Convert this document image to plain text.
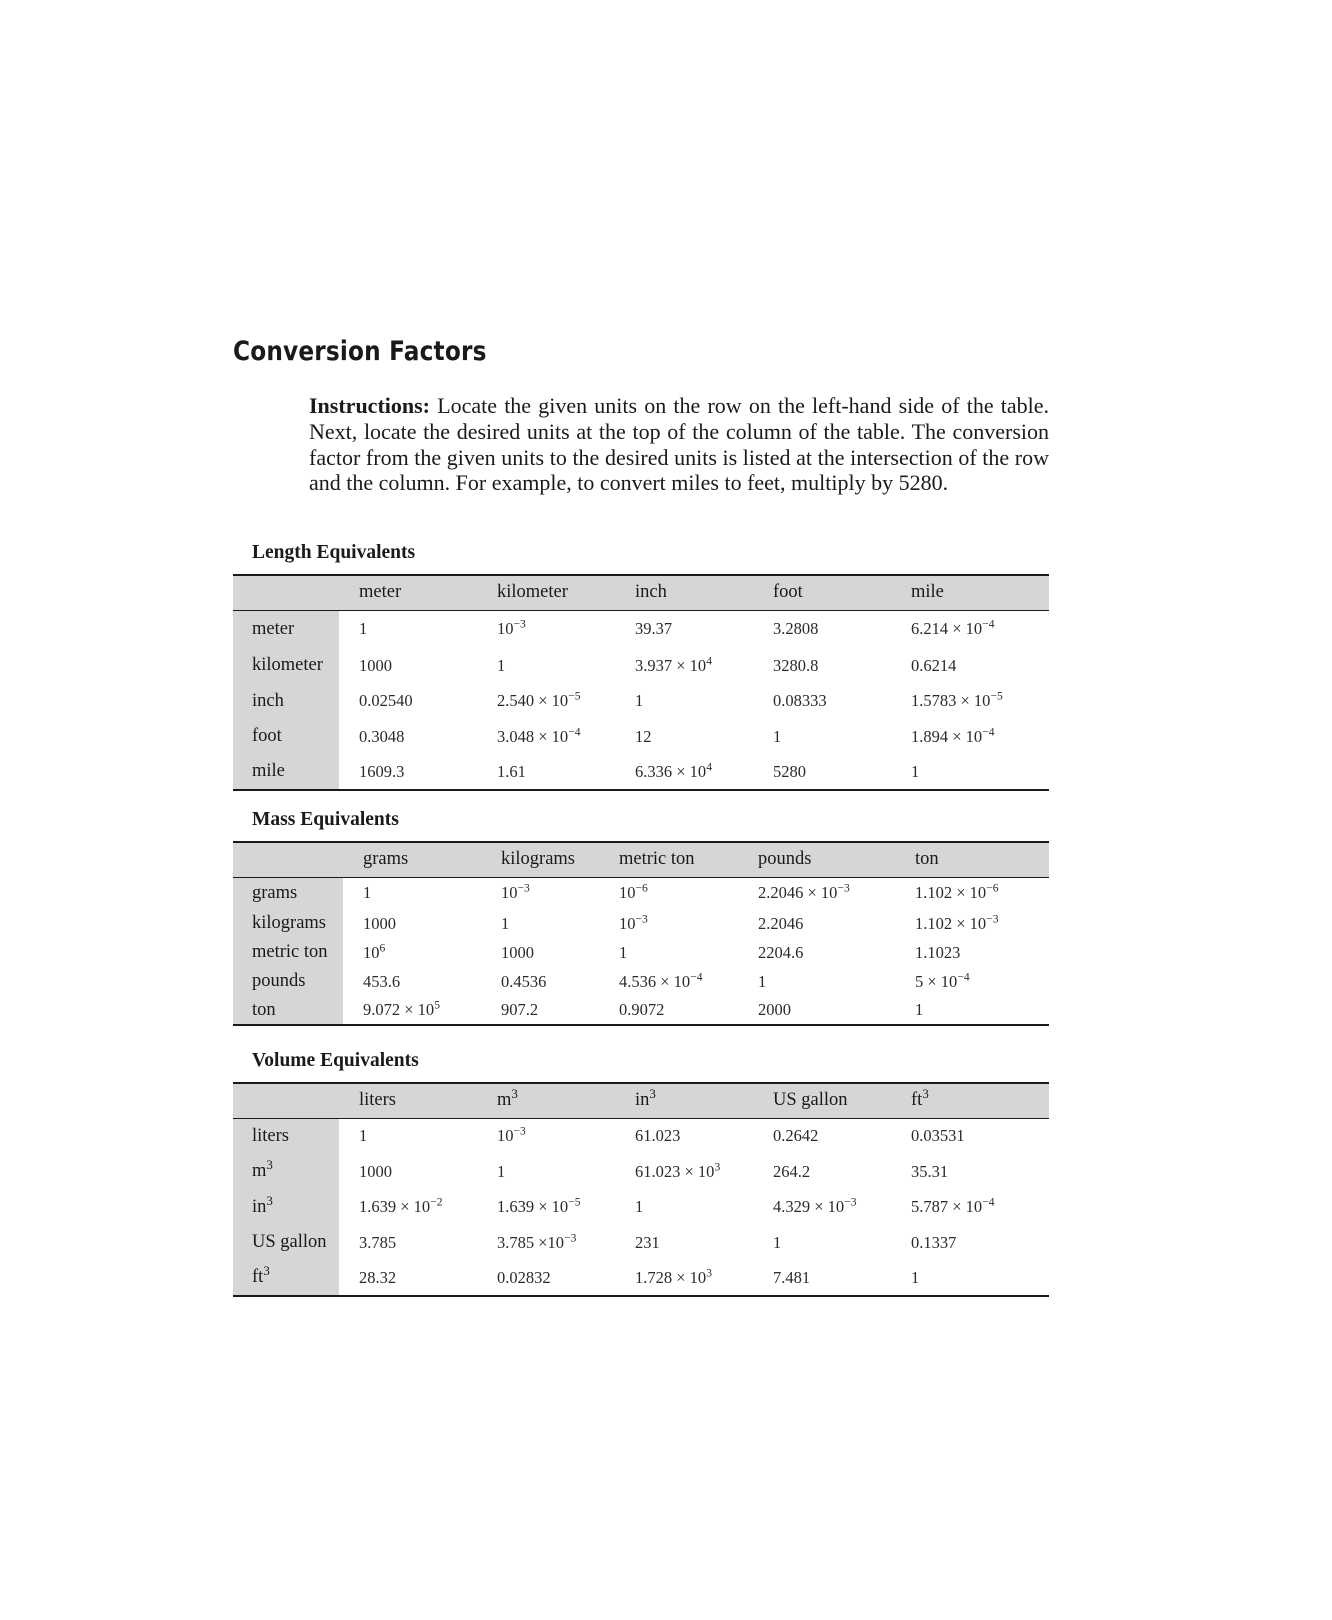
Conversion Factors

Instructions: Locate the given units on the row on the left-hand side of the table. Next, locate the desired units at the top of the column of the table. The conversion factor from the given units to the desired units is listed at the intersection of the row and the column. For example, to convert miles to feet, multiply by 5280.

Length Equivalents
	meter	kilometer	inch	foot	mile
meter	1	$10^{-3}$	39.37	3.2808	$6.214 \times 10^{-4}$
kilometer	1000	1	$3.937 \times 10^4$	3280.8	0.6214
inch	0.02540	$2.540 \times 10^{-5}$	1	0.08333	$1.5783 \times 10^{-5}$
foot	0.3048	$3.048 \times 10^{-4}$	12	1	$1.894 \times 10^{-4}$
mile	1609.3	1.61	$6.336 \times 10^4$	5280	1
Mass Equivalents
	grams	kilograms	metric ton	pounds	ton
grams	1	$10^{-3}$	$10^{-6}$	$2.2046 \times 10^{-3}$	$1.102 \times 10^{-6}$
kilograms	1000	1	$10^{-3}$	2.2046	$1.102 \times 10^{-3}$
metric ton	$10^6$	1000	1	2204.6	1.1023
pounds	453.6	0.4536	$4.536 \times 10^{-4}$	1	$5 \times 10^{-4}$
ton	$9.072 \times 10^5$	907.2	0.9072	2000	1
Volume Equivalents
	liters	$m^3$	$in^3$	US gallon	$ft^3$
liters	1	$10^{-3}$	61.023	0.2642	0.03531
$m^3$	1000	1	$61.023 \times 10^3$	264.2	35.31
$in^3$	$1.639 \times 10^{-2}$	$1.639 \times 10^{-5}$	1	$4.329 \times 10^{-3}$	$5.787 \times 10^{-4}$
US gallon	3.785	$3.785 \times 10^{-3}$	231	1	0.1337
$ft^3$	28.32	0.02832	$1.728 \times 10^3$	7.481	1
